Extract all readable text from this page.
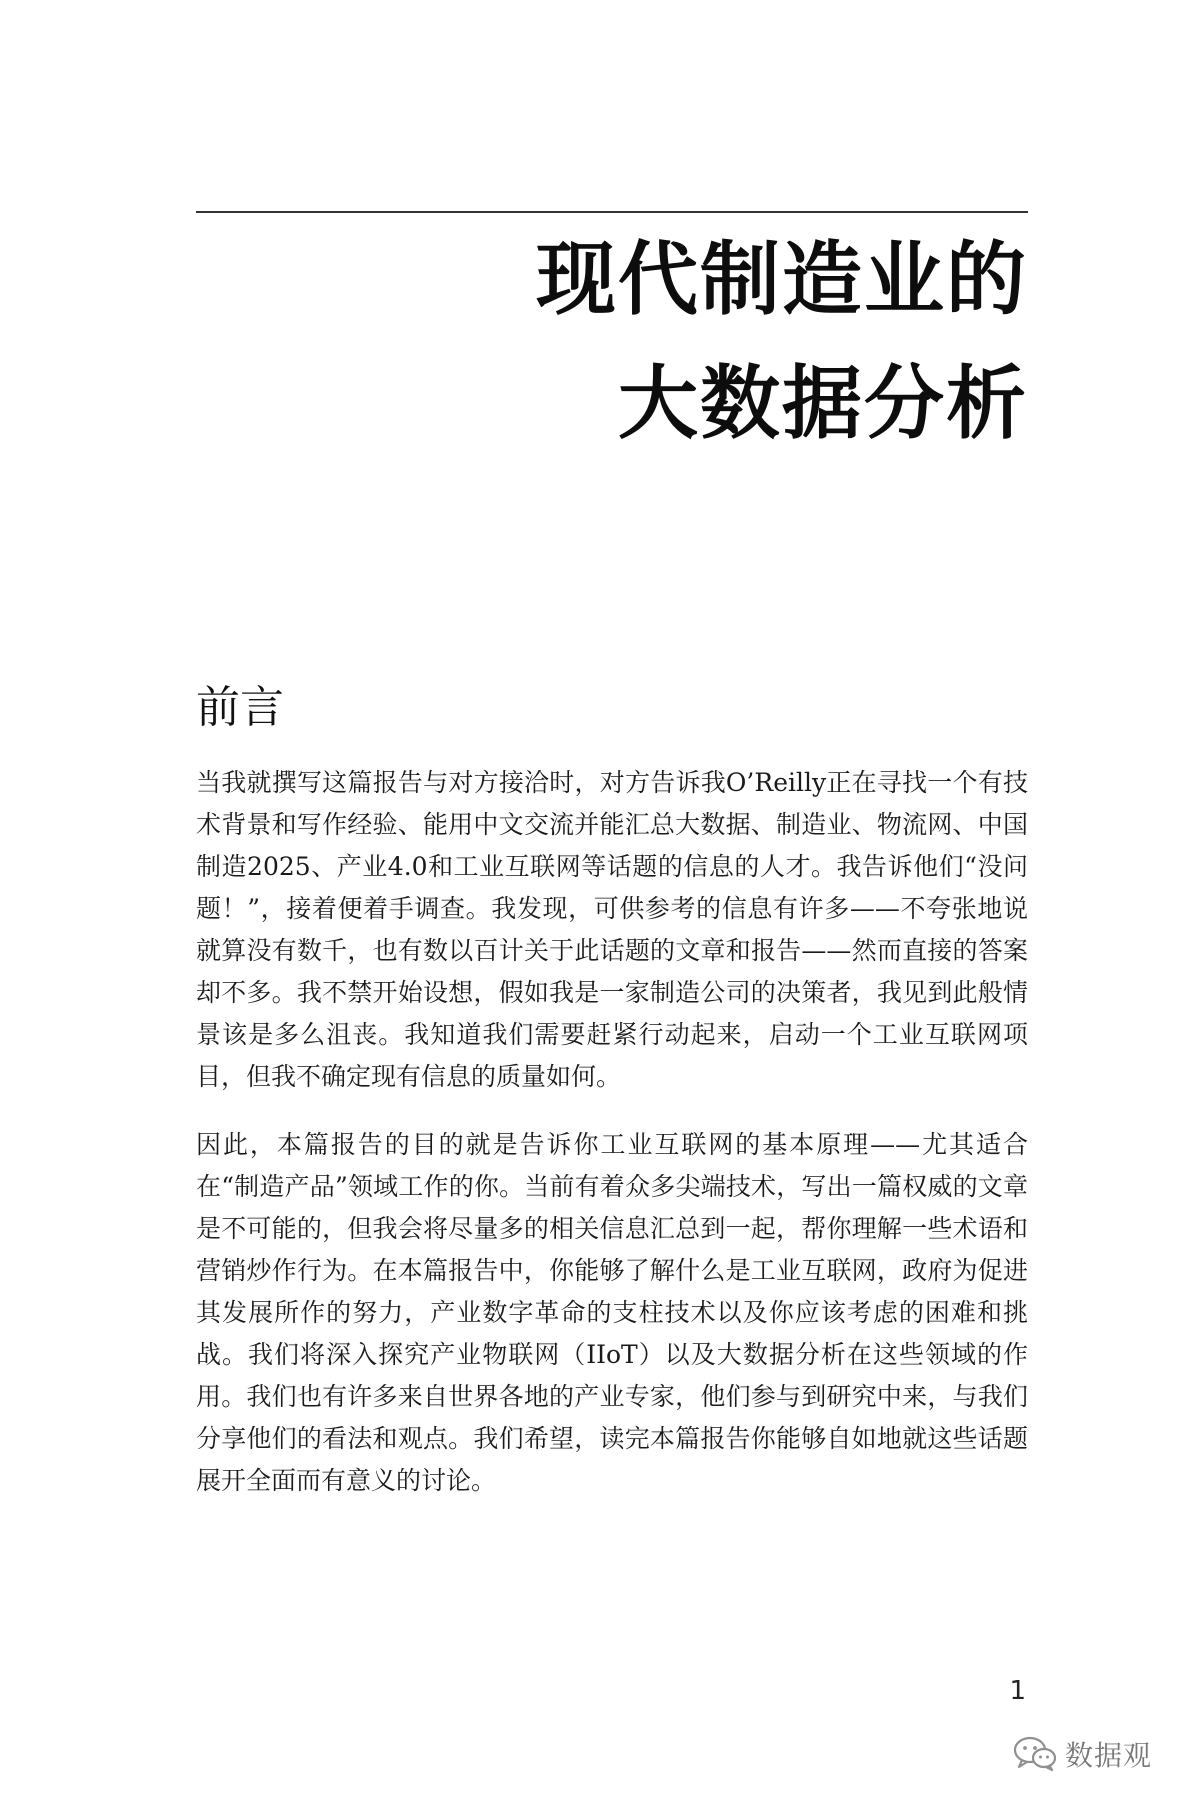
现代制造业的
大数据分析
前言

当我就撰写这篇报告与对方接洽时，对方告诉我O’Reilly正在寻找一个有技术背景和写作经验、能用中文交流并能汇总大数据、制造业、物流网、中国制造2025、产业4.0和工业互联网等话题的信息的人才。我告诉他们“没问题！”，接着便着手调查。我发现，可供参考的信息有许多——不夸张地说就算没有数千，也有数以百计关于此话题的文章和报告——然而直接的答案却不多。我不禁开始设想，假如我是一家制造公司的决策者，我见到此般情景该是多么沮丧。我知道我们需要赶紧行动起来，启动一个工业互联网项目，但我不确定现有信息的质量如何。

因此，本篇报告的目的就是告诉你工业互联网的基本原理——尤其适合在“制造产品”领域工作的你。当前有着众多尖端技术，写出一篇权威的文章是不可能的，但我会将尽量多的相关信息汇总到一起，帮你理解一些术语和营销炒作行为。在本篇报告中，你能够了解什么是工业互联网，政府为促进其发展所作的努力，产业数字革命的支柱技术以及你应该考虑的困难和挑战。我们将深入探究产业物联网（IIoT）以及大数据分析在这些领域的作用。我们也有许多来自世界各地的产业专家，他们参与到研究中来，与我们分享他们的看法和观点。我们希望，读完本篇报告你能够自如地就这些话题展开全面而有意义的讨论。

1
数据观
